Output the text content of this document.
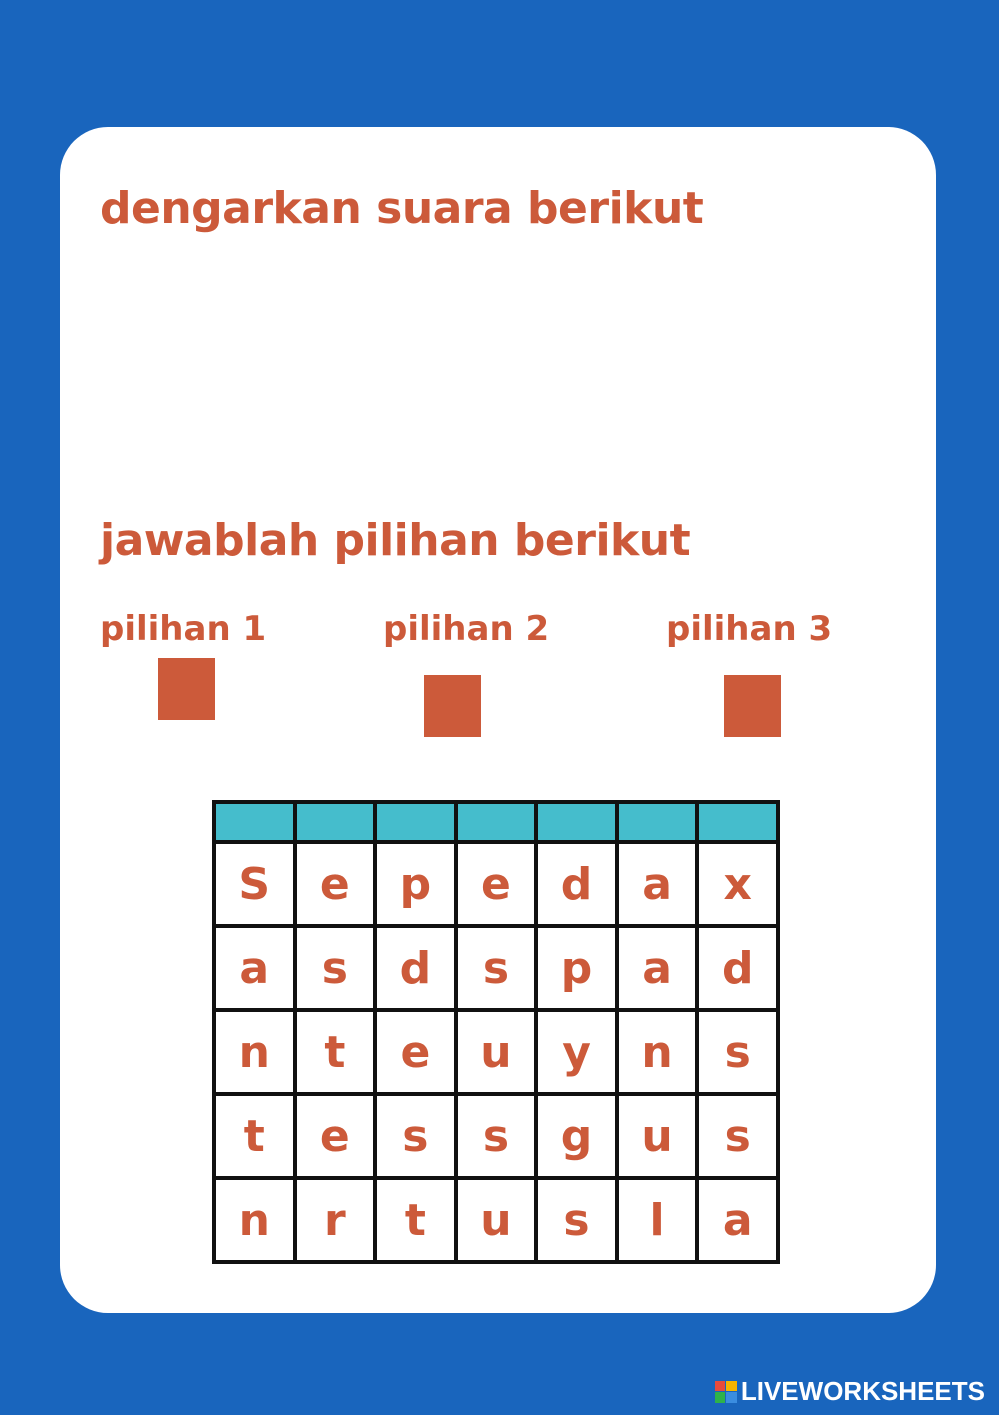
dengarkan suara berikut
jawablah pilihan berikut
pilihan 1	pilihan 2	pilihan 3

S	e	p	e	d	a	x
a	s	d	s	p	a	d
n	t	e	u	y	n	s
t	e	s	s	g	u	s
n	r	t	u	s	l	a
LIVEWORKSHEETS
